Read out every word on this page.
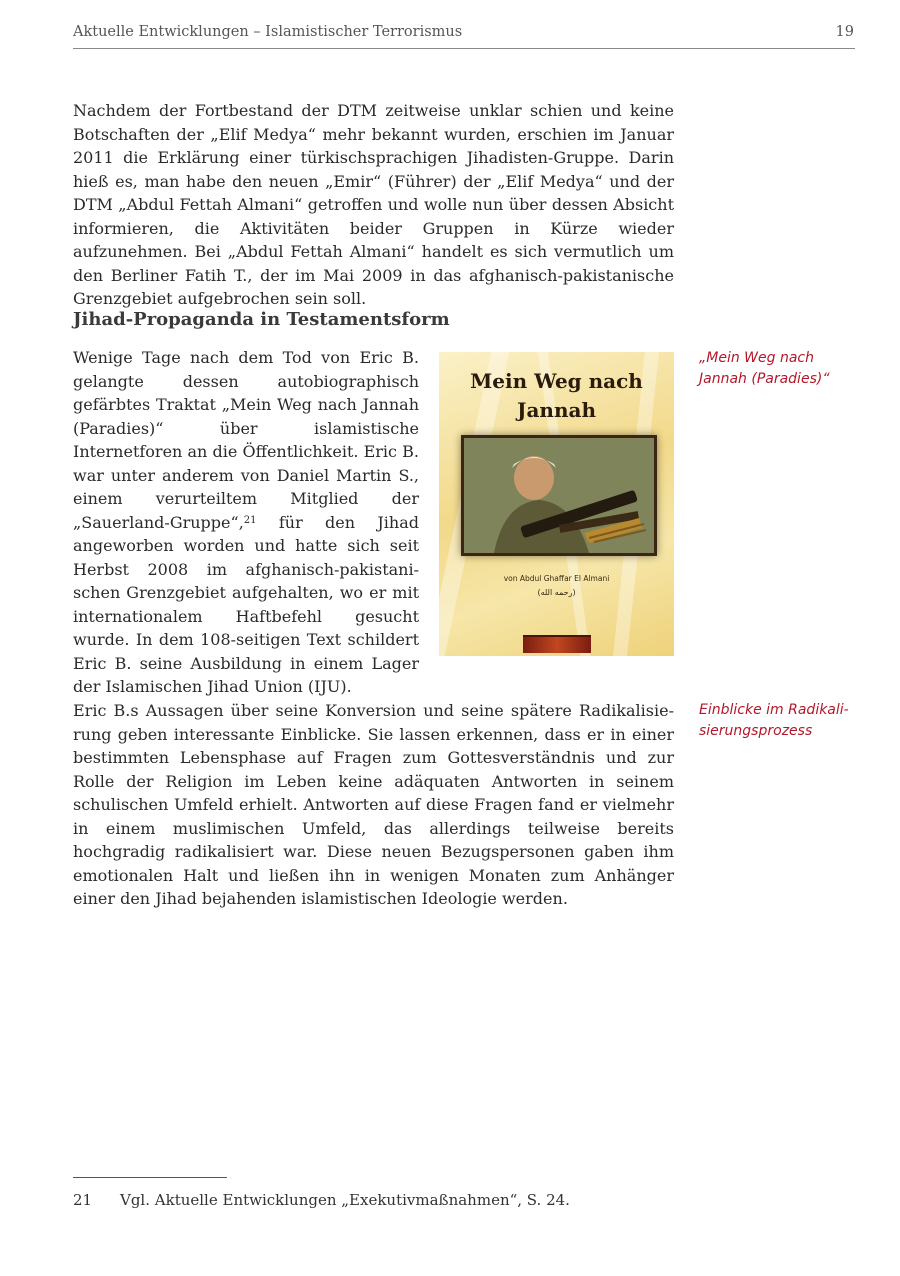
Aktuelle Entwicklungen – Islamistischer Terrorismus	19

Nachdem der Fortbestand der DTM zeitweise unklar schien und keine Botschaften der „Elif Medya“ mehr bekannt wurden, erschien im Januar 2011 die Erklärung einer türkischsprachigen Jihadisten-Gruppe. Darin hieß es, man habe den neuen „Emir“ (Führer) der „Elif Medya“ und der DTM „Abdul Fettah Almani“ getroffen und wolle nun über dessen Absicht informieren, die Aktivitäten beider Gruppen in Kürze wieder aufzunehmen. Bei „Abdul Fettah Almani“ handelt es sich vermutlich um den Berliner Fatih T., der im Mai 2009 in das afghanisch-pakistanische Grenzgebiet aufgebrochen sein soll.

Jihad-Propaganda in Testamentsform

Wenige Tage nach dem Tod von Eric B. gelangte dessen autobiographisch gefärbtes Traktat „Mein Weg nach Jannah (Paradies)“ über islamistische Internetforen an die Öffentlichkeit. Eric B. war unter anderem von Daniel Martin S., einem verurteiltem Mitglied der „Sauerland-Gruppe“,$^{21}$ für den Jihad angeworben worden und hatte sich seit Herbst 2008 im afghanisch-pakistanischen Grenzgebiet aufgehalten, wo er mit internationalem Haftbefehl gesucht wurde. In dem 108-seitigen Text schildert Eric B. seine Ausbildung in einem Lager der Islamischen Jihad Union (IJU).

Mein Weg nach
Jannah
von Abdul Ghaffar El Almani
(رحمه الله)
„Mein Weg nach Jannah (Paradies)“

Eric B.s Aussagen über seine Konversion und seine spätere Radikalisierung geben interessante Einblicke. Sie lassen erkennen, dass er in einer bestimmten Lebensphase auf Fragen zum Gottesverständnis und zur Rolle der Religion im Leben keine adäquaten Antworten in seinem schulischen Umfeld erhielt. Antworten auf diese Fragen fand er vielmehr in einem muslimischen Umfeld, das allerdings teilweise bereits hochgradig radikalisiert war. Diese neuen Bezugspersonen gaben ihm emotionalen Halt und ließen ihn in wenigen Monaten zum Anhänger einer den Jihad bejahenden islamistischen Ideologie werden.

Einblicke im Radikalisierungsprozess
21 Vgl. Aktuelle Entwicklungen „Exekutivmaßnahmen“, S. 24.
